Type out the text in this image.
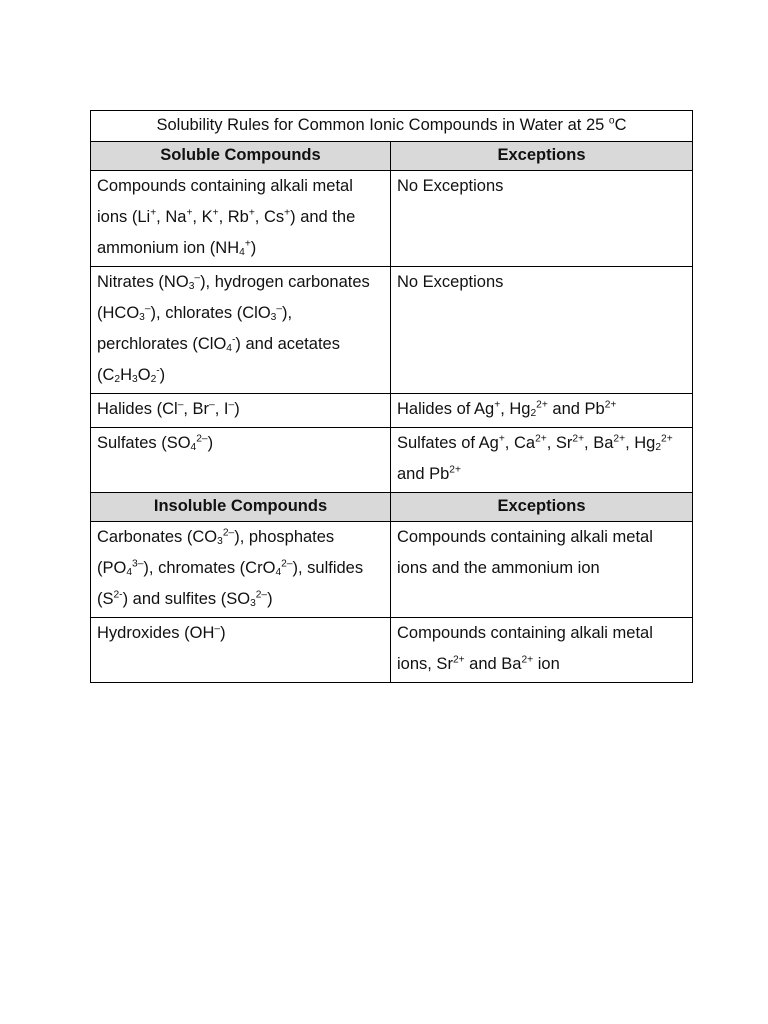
Solubility Rules for Common Ionic Compounds in Water at 25 $^o$C	
Soluble Compounds	Exceptions
Compounds containing alkali metal ions (Li+, Na+, K+, Rb+, Cs+) and the ammonium ion $(NH_4^+)$	No Exceptions
Nitrates $(NO_3^-)$, hydrogen carbonates $(HCO_3^-)$, chlorates (ClO$_3$–), perchlorates (ClO$_4$-) and acetates $(C_2H_3O_2^-)$	No Exceptions
Halides (Cl–, Br–, I–)	Halides of Ag+, $Hg_2^{2+}$ and $Pb^{2+}$
Sulfates $(SO_4^{2-})$	Sulfates of Ag+, $Ca^{2+}$, $Sr^{2+}$, $Ba^{2+}$, $Hg_2^{2+}$ and $Pb^{2+}$
Insoluble Compounds	Exceptions
Carbonates $(CO_3^{2-})$, phosphates $(PO_4^{3-})$, chromates (CrO$_4^{2-}$), sulfides $(S^{2-})$ and sulfites $(SO_3^{2-})$	Compounds containing alkali metal ions and the ammonium ion
Hydroxides (OH–)	Compounds containing alkali metal ions, $Sr^{2+}$ and $Ba^{2+}$ ion
